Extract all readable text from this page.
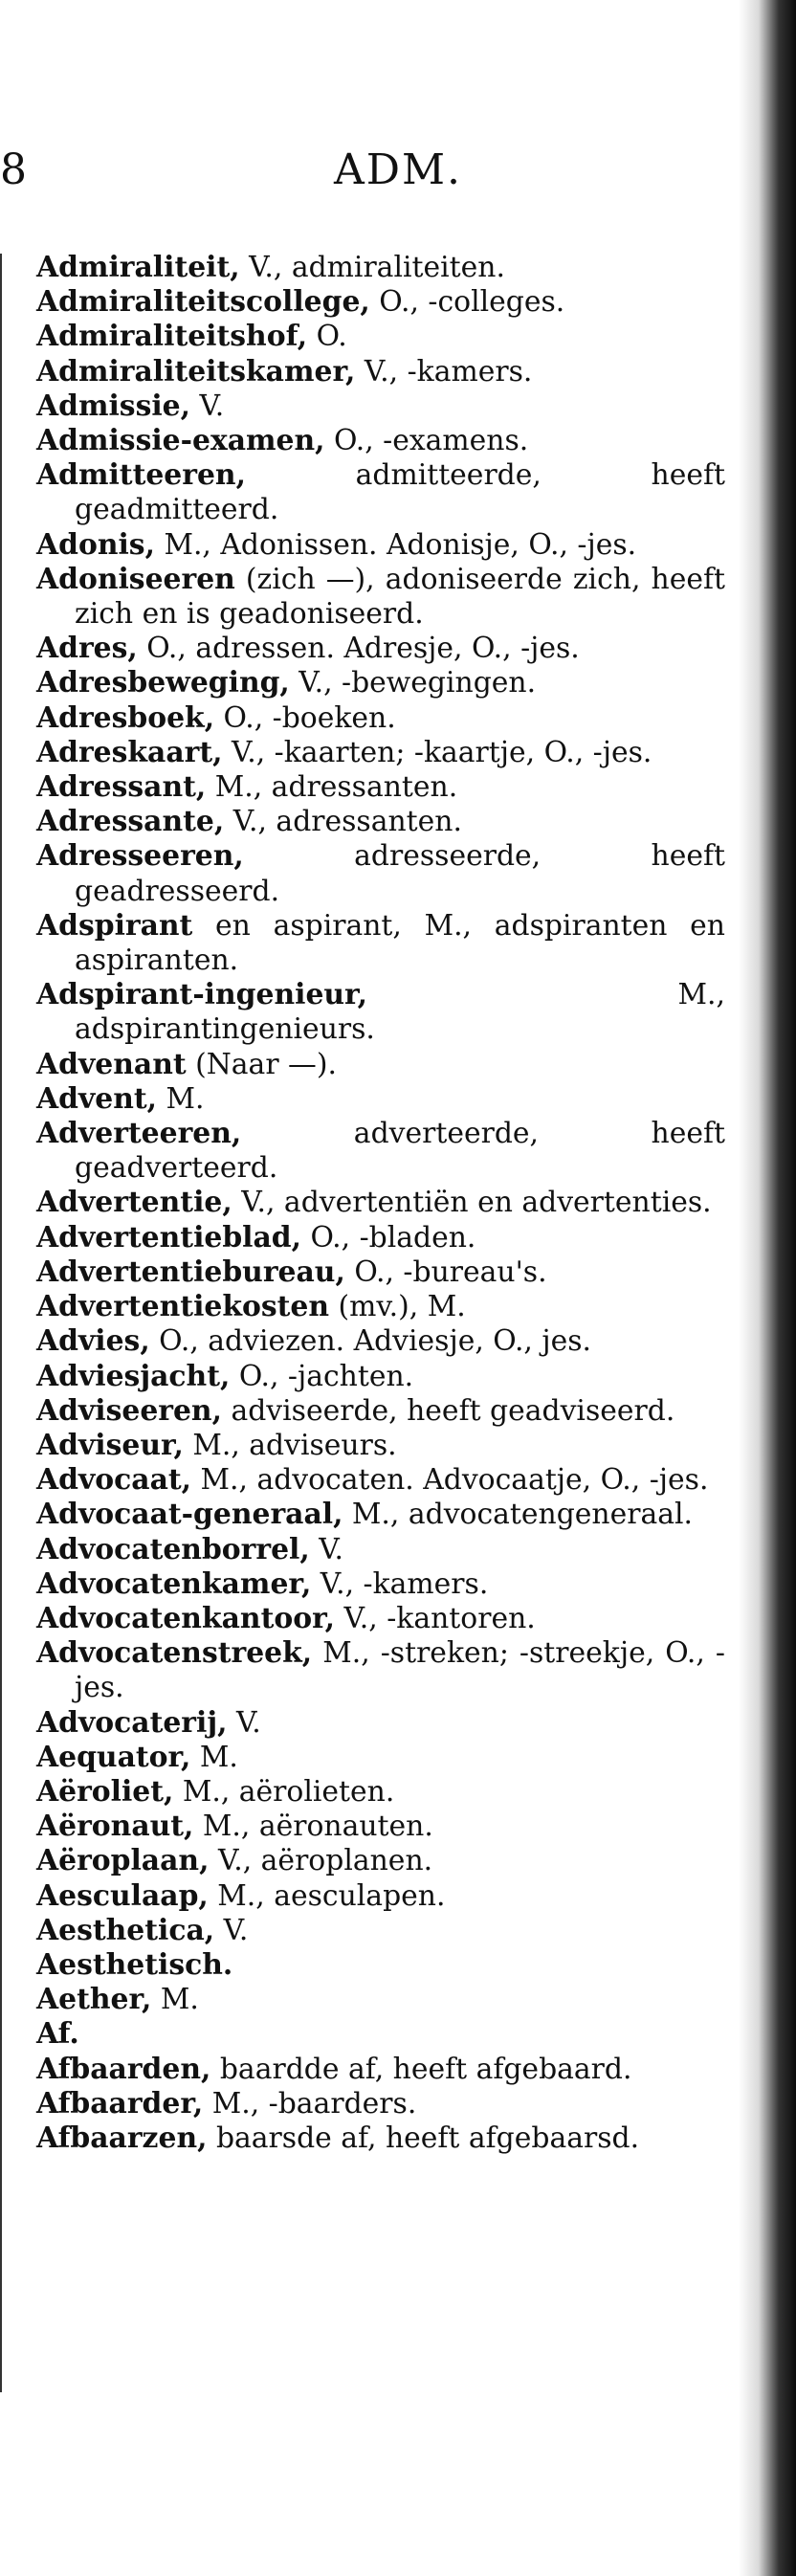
8	ADM.

Admiraliteit, V., admiraliteiten.

Admiraliteitscollege, O., -colleges.

Admiraliteitshof, O.

Admiraliteitskamer, V., -kamers.

Admissie, V.

Admissie-examen, O., -examens.

Admitteeren, admitteerde, heeft geadmitteerd.

Adonis, M., Adonissen. Adonisje, O., -jes.

Adoniseeren (zich —), adoniseerde zich, heeft zich en is geadoniseerd.

Adres, O., adressen. Adresje, O., -jes.

Adresbeweging, V., -bewegingen.

Adresboek, O., -boeken.

Adreskaart, V., -kaarten; -kaartje, O., -jes.

Adressant, M., adressanten.

Adressante, V., adressanten.

Adresseeren, adresseerde, heeft geadresseerd.

Adspirant en aspirant, M., adspiranten en aspiranten.

Adspirant-ingenieur, M., adspirantingenieurs.

Advenant (Naar —).

Advent, M.

Adverteeren, adverteerde, heeft geadverteerd.

Advertentie, V., advertentiën en advertenties.

Advertentieblad, O., -bladen.

Advertentiebureau, O., -bureau's.

Advertentiekosten (mv.), M.

Advies, O., adviezen. Adviesje, O., jes.

Adviesjacht, O., -jachten.

Adviseeren, adviseerde, heeft geadviseerd.

Adviseur, M., adviseurs.

Advocaat, M., advocaten. Advocaatje, O., -jes.

Advocaat-generaal, M., advocatengeneraal.

Advocatenborrel, V.

Advocatenkamer, V., -kamers.

Advocatenkantoor, V., -kantoren.

Advocatenstreek, M., -streken; -streekje, O., -jes.

Advocaterij, V.

Aequator, M.

Aëroliet, M., aërolieten.

Aëronaut, M., aëronauten.

Aëroplaan, V., aëroplanen.

Aesculaap, M., aesculapen.

Aesthetica, V.

Aesthetisch.

Aether, M.

Af.

Afbaarden, baardde af, heeft afgebaard.

Afbaarder, M., -baarders.

Afbaarzen, baarsde af, heeft afgebaarsd.
